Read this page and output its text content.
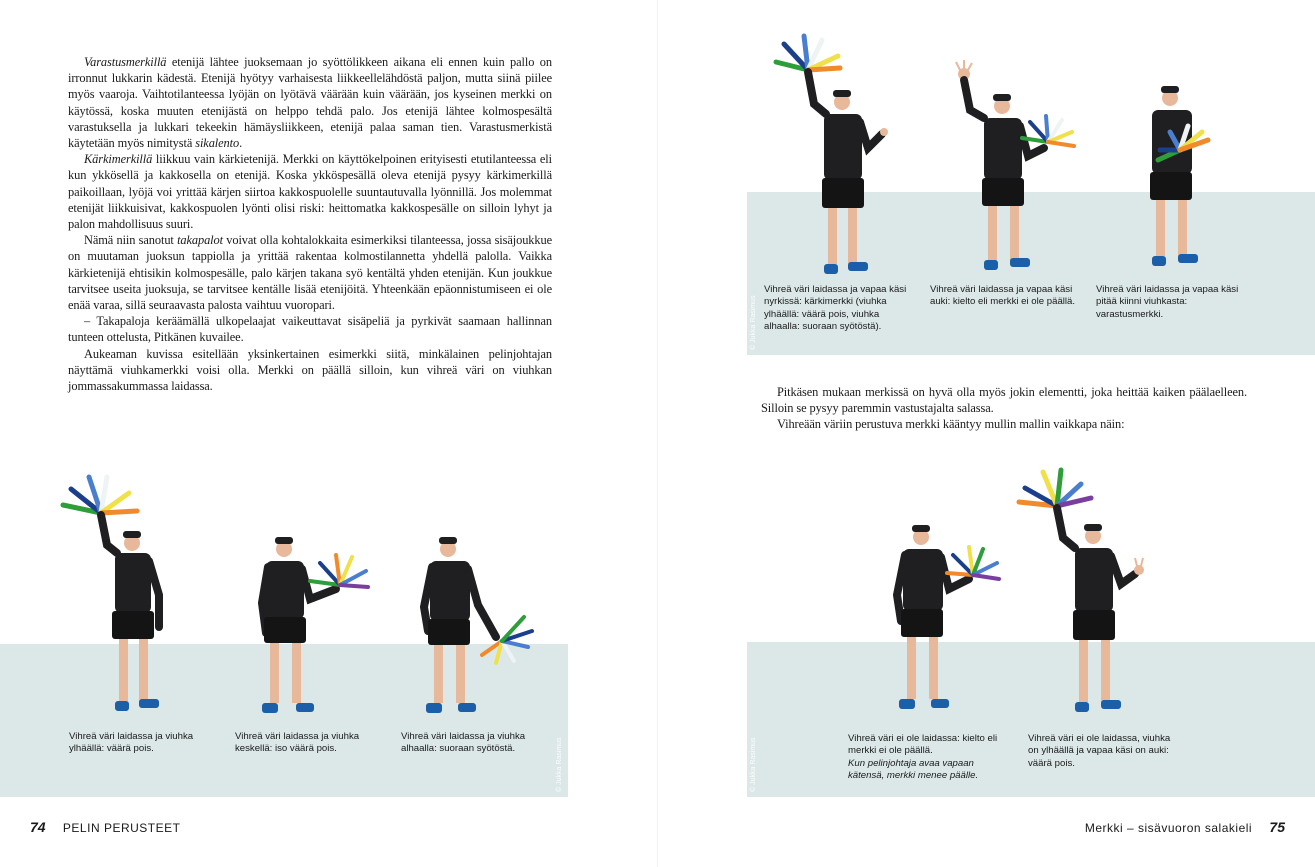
Varastusmerkillä etenijä lähtee juoksemaan jo syöttölikkeen aikana eli ennen kuin pallo on irronnut lukkarin kädestä. Etenijä hyötyy varhaisesta liikkeellelähdöstä paljon, mutta siinä piilee myös vaaroja. Vaihtotilanteessa lyöjän on lyötävä väärään kuin väärään, jos kyseinen merkki on käytössä, koska muuten etenijästä on helppo tehdä palo. Jos etenijä lähtee kolmospesältä varastuksella ja lukkari tekeekin hämäysliikkeen, etenijä palaa saman tien. Varastusmerkistä käytetään myös nimitystä sikalento.

Kärkimerkillä liikkuu vain kärkietenijä. Merkki on käyttökelpoinen erityisesti etutilanteessa eli kun ykkösellä ja kakkosella on etenijä. Koska ykköspesällä oleva etenijä pysyy kärkimerkillä paikoillaan, lyöjä voi yrittää kärjen siirtoa kakkospuolelle suuntautuvalla lyönnillä. Jos molemmat etenijät liikkuisivat, kakkospuolen lyönti olisi riski: heittomatka kakkospesälle on silloin lyhyt ja palon mahdollisuus suuri.

Nämä niin sanotut takapalot voivat olla kohtalokkaita esimerkiksi tilanteessa, jossa sisäjoukkue on muutaman juoksun tappiolla ja yrittää rakentaa kolmostilannetta yhdellä palolla. Vaikka kärkietenijä ehtisikin kolmospesälle, palo kärjen takana syö kentältä yhden etenijän. Kun joukkue tarvitsee useita juoksuja, se tarvitsee kentälle lisää etenijöitä. Yhteenkään epäonnistumiseen ei ole enää varaa, sillä seuraavasta palosta vaihtuu vuoropari.

– Takapaloja keräämällä ulkopelaajat vaikeuttavat sisäpeliä ja pyrkivät saamaan hallinnan tunteen ottelusta, Pitkänen kuvailee.

Aukeaman kuvissa esitellään yksinkertainen esimerkki siitä, minkälainen pelinjohtajan näyttämä viuhkamerkki voisi olla. Merkki on päällä silloin, kun vihreä väri on viuhkan jommassakummassa laidassa.

Vihreä väri laidassa ja viuhka ylhäällä: väärä pois.
Vihreä väri laidassa ja viuhka keskellä: iso väärä pois.
Vihreä väri laidassa ja viuhka alhaalla: suoraan syötöstä.	© Jukka Rasimus
74 PELIN PERUSTEET
Vihreä väri laidassa ja vapaa käsi nyrkissä: kärkimerkki (viuhka ylhäällä: väärä pois, viuhka alhaalla: suoraan syötöstä).
Vihreä väri laidassa ja vapaa käsi auki: kielto eli merkki ei ole päällä.
Vihreä väri laidassa ja vapaa käsi pitää kiinni viuhkasta: varastusmerkki.
© Jukka Rasimus

Pitkäsen mukaan merkissä on hyvä olla myös jokin elementti, joka heittää kaiken päälaelleen. Silloin se pysyy paremmin vastustajalta salassa.

Vihreään väriin perustuva merkki kääntyy mullin mallin vaikkapa näin:

Vihreä väri ei ole laidassa: kielto eli merkki ei ole päällä.
Kun pelinjohtaja avaa vapaan kätensä, merkki menee päälle.
Vihreä väri ei ole laidassa, viuhka on ylhäällä ja vapaa käsi on auki: väärä pois.
© Jukka Rasimus
Merkki – sisävuoron salakieli 75
